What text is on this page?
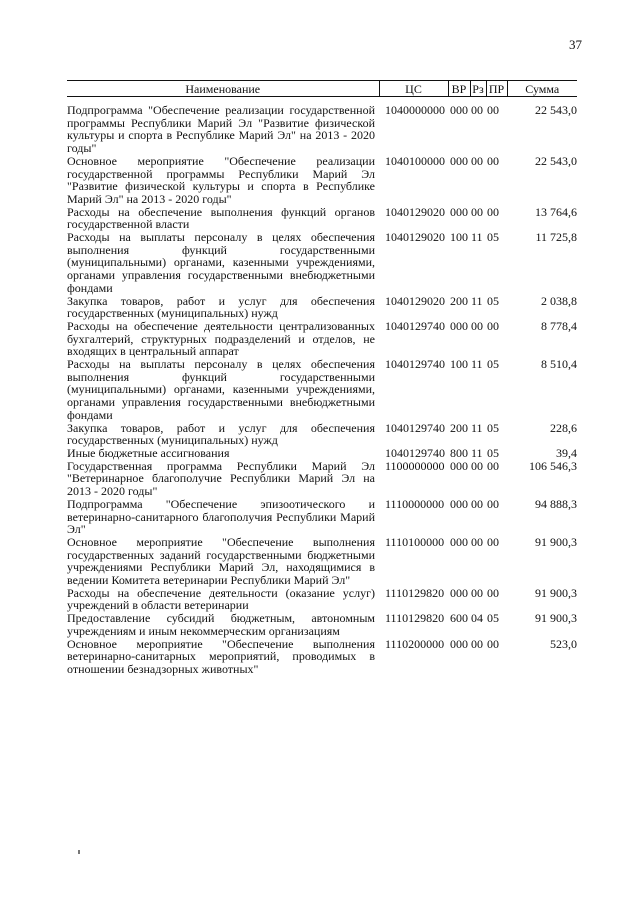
37
Наименование	ЦС	ВР	Рз	ПР	Сумма
Подпрограмма "Обеспечение реализации государственной программы Республики Марий Эл "Развитие физической культуры и спорта в Республике Марий Эл" на 2013 - 2020 годы"	1040000000	000	00	00	22 543,0
Основное мероприятие "Обеспечение реализации государственной программы Республики Марий Эл "Развитие физической культуры и спорта в Республике Марий Эл" на 2013 - 2020 годы"	1040100000	000	00	00	22 543,0
Расходы на обеспечение выполнения функций органов государственной власти	1040129020	000	00	00	13 764,6
Расходы на выплаты персоналу в целях обеспечения выполнения функций государственными (муниципальными) органами, казенными учреждениями, органами управления государственными внебюджетными фондами	1040129020	100	11	05	11 725,8
Закупка товаров, работ и услуг для обеспечения государственных (муниципальных) нужд	1040129020	200	11	05	2 038,8
Расходы на обеспечение деятельности централизованных бухгалтерий, структурных подразделений и отделов, не входящих в центральный аппарат	1040129740	000	00	00	8 778,4
Расходы на выплаты персоналу в целях обеспечения выполнения функций государственными (муниципальными) органами, казенными учреждениями, органами управления государственными внебюджетными фондами	1040129740	100	11	05	8 510,4
Закупка товаров, работ и услуг для обеспечения государственных (муниципальных) нужд	1040129740	200	11	05	228,6
Иные бюджетные ассигнования	1040129740	800	11	05	39,4
Государственная программа Республики Марий Эл "Ветеринарное благополучие Республики Марий Эл на 2013 - 2020 годы"	1100000000	000	00	00	106 546,3
Подпрограмма "Обеспечение эпизоотического и ветеринарно-санитарного благополучия Республики Марий Эл"	1110000000	000	00	00	94 888,3
Основное мероприятие "Обеспечение выполнения государственных заданий государственными бюджетными учреждениями Республики Марий Эл, находящимися в ведении Комитета ветеринарии Республики Марий Эл"	1110100000	000	00	00	91 900,3
Расходы на обеспечение деятельности (оказание услуг) учреждений в области ветеринарии	1110129820	000	00	00	91 900,3
Предоставление субсидий бюджетным, автономным учреждениям и иным некоммерческим организациям	1110129820	600	04	05	91 900,3
Основное мероприятие "Обеспечение выполнения ветеринарно-санитарных мероприятий, проводимых в отношении безнадзорных животных"	1110200000	000	00	00	523,0
